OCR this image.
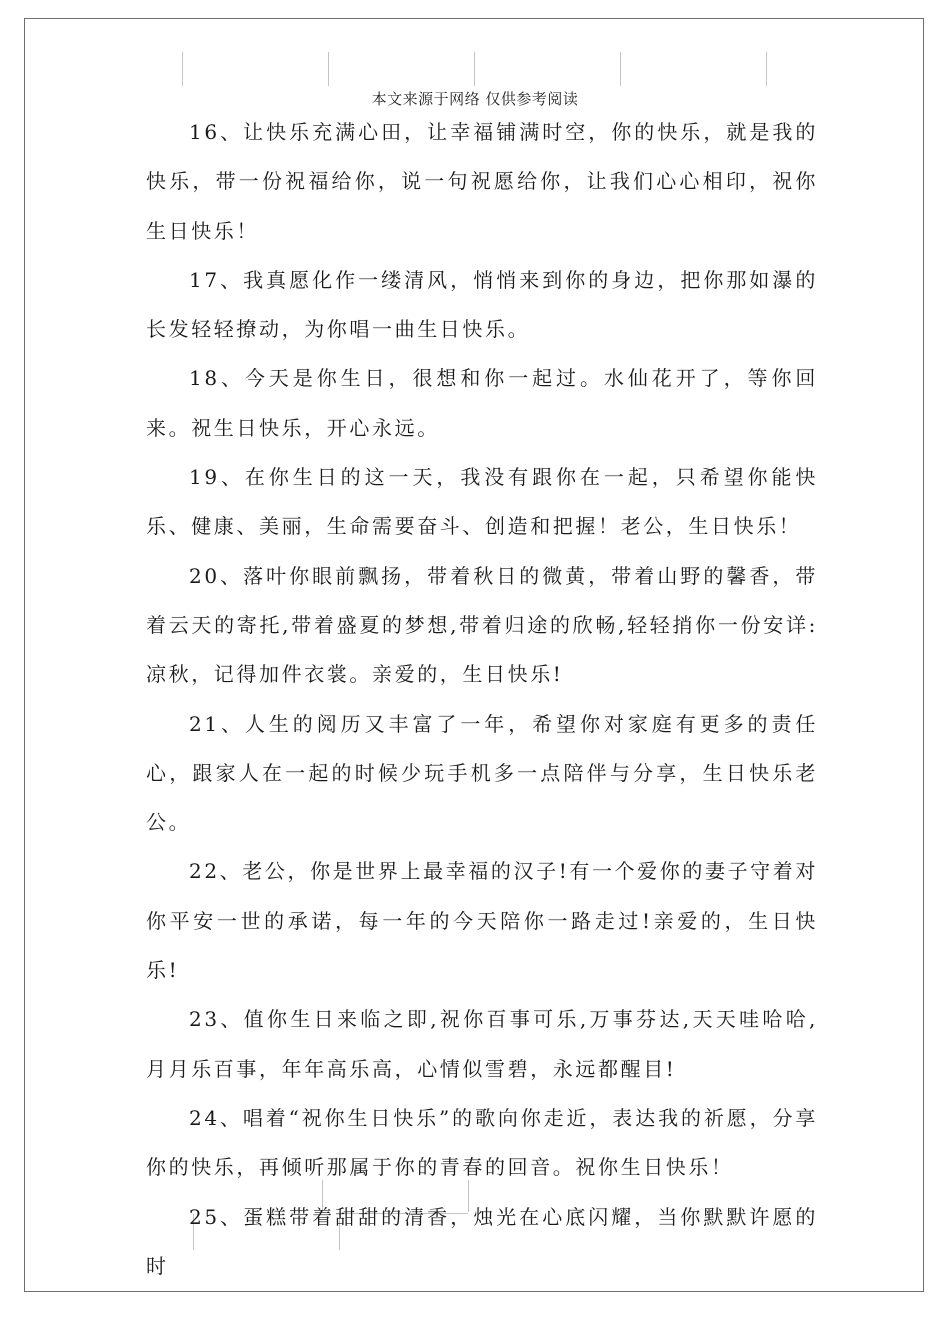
本文来源于网络 仅供参考阅读

16、让快乐充满心田，让幸福铺满时空，你的快乐，就是我的快乐，带一份祝福给你，说一句祝愿给你，让我们心心相印，祝你生日快乐！

17、我真愿化作一缕清风，悄悄来到你的身边，把你那如瀑的长发轻轻撩动，为你唱一曲生日快乐。

18、今天是你生日，很想和你一起过。水仙花开了，等你回来。祝生日快乐，开心永远。

19、在你生日的这一天，我没有跟你在一起，只希望你能快乐、健康、美丽，生命需要奋斗、创造和把握！老公，生日快乐！

20、落叶你眼前飘扬，带着秋日的微黄，带着山野的馨香，带着云天的寄托,带着盛夏的梦想,带着归途的欣畅,轻轻捎你一份安详:凉秋，记得加件衣裳。亲爱的，生日快乐!

21、人生的阅历又丰富了一年，希望你对家庭有更多的责任心，跟家人在一起的时候少玩手机多一点陪伴与分享，生日快乐老公。

22、老公，你是世界上最幸福的汉子!有一个爱你的妻子守着对你平安一世的承诺，每一年的今天陪你一路走过!亲爱的，生日快乐!

23、值你生日来临之即,祝你百事可乐,万事芬达,天天哇哈哈,月月乐百事，年年高乐高，心情似雪碧，永远都醒目!

24、唱着“祝你生日快乐”的歌向你走近，表达我的祈愿，分享你的快乐，再倾听那属于你的青春的回音。祝你生日快乐！

25、蛋糕带着甜甜的清香，烛光在心底闪耀，当你默默许愿的时
